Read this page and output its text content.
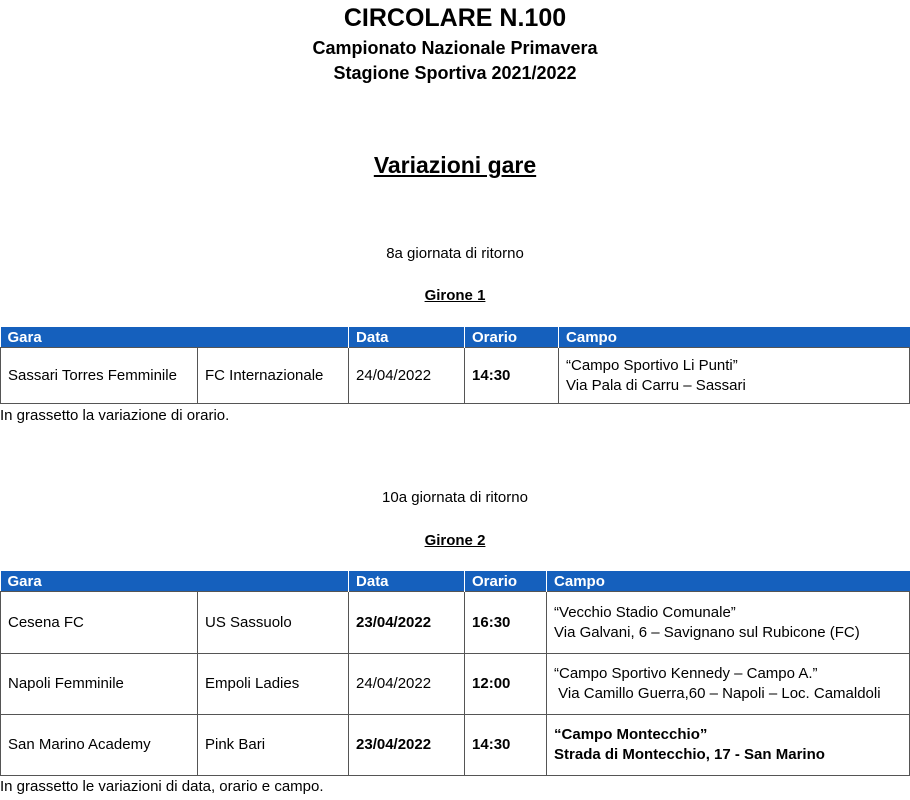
CIRCOLARE N.100
Campionato Nazionale Primavera
Stagione Sportiva 2021/2022
Variazioni gare
8a giornata di ritorno
Girone 1
Gara		Data	Orario	Campo
Sassari Torres Femminile	FC Internazionale	24/04/2022	14:30	“Campo Sportivo Li Punti”
Via Pala di Carru – Sassari
In grassetto la variazione di orario.
10a giornata di ritorno
Girone 2
Gara		Data	Orario	Campo
Cesena FC	US Sassuolo	23/04/2022	16:30	“Vecchio Stadio Comunale”
Via Galvani, 6 – Savignano sul Rubicone (FC)

Napoli Femminile	Empoli Ladies	24/04/2022	12:00	“Campo Sportivo Kennedy – Campo A.”
Via Camillo Guerra,60 – Napoli – Loc. Camaldoli

San Marino Academy	Pink Bari	23/04/2022	14:30	“Campo Montecchio”
Strada di Montecchio, 17 - San Marino
In grassetto le variazioni di data, orario e campo.
